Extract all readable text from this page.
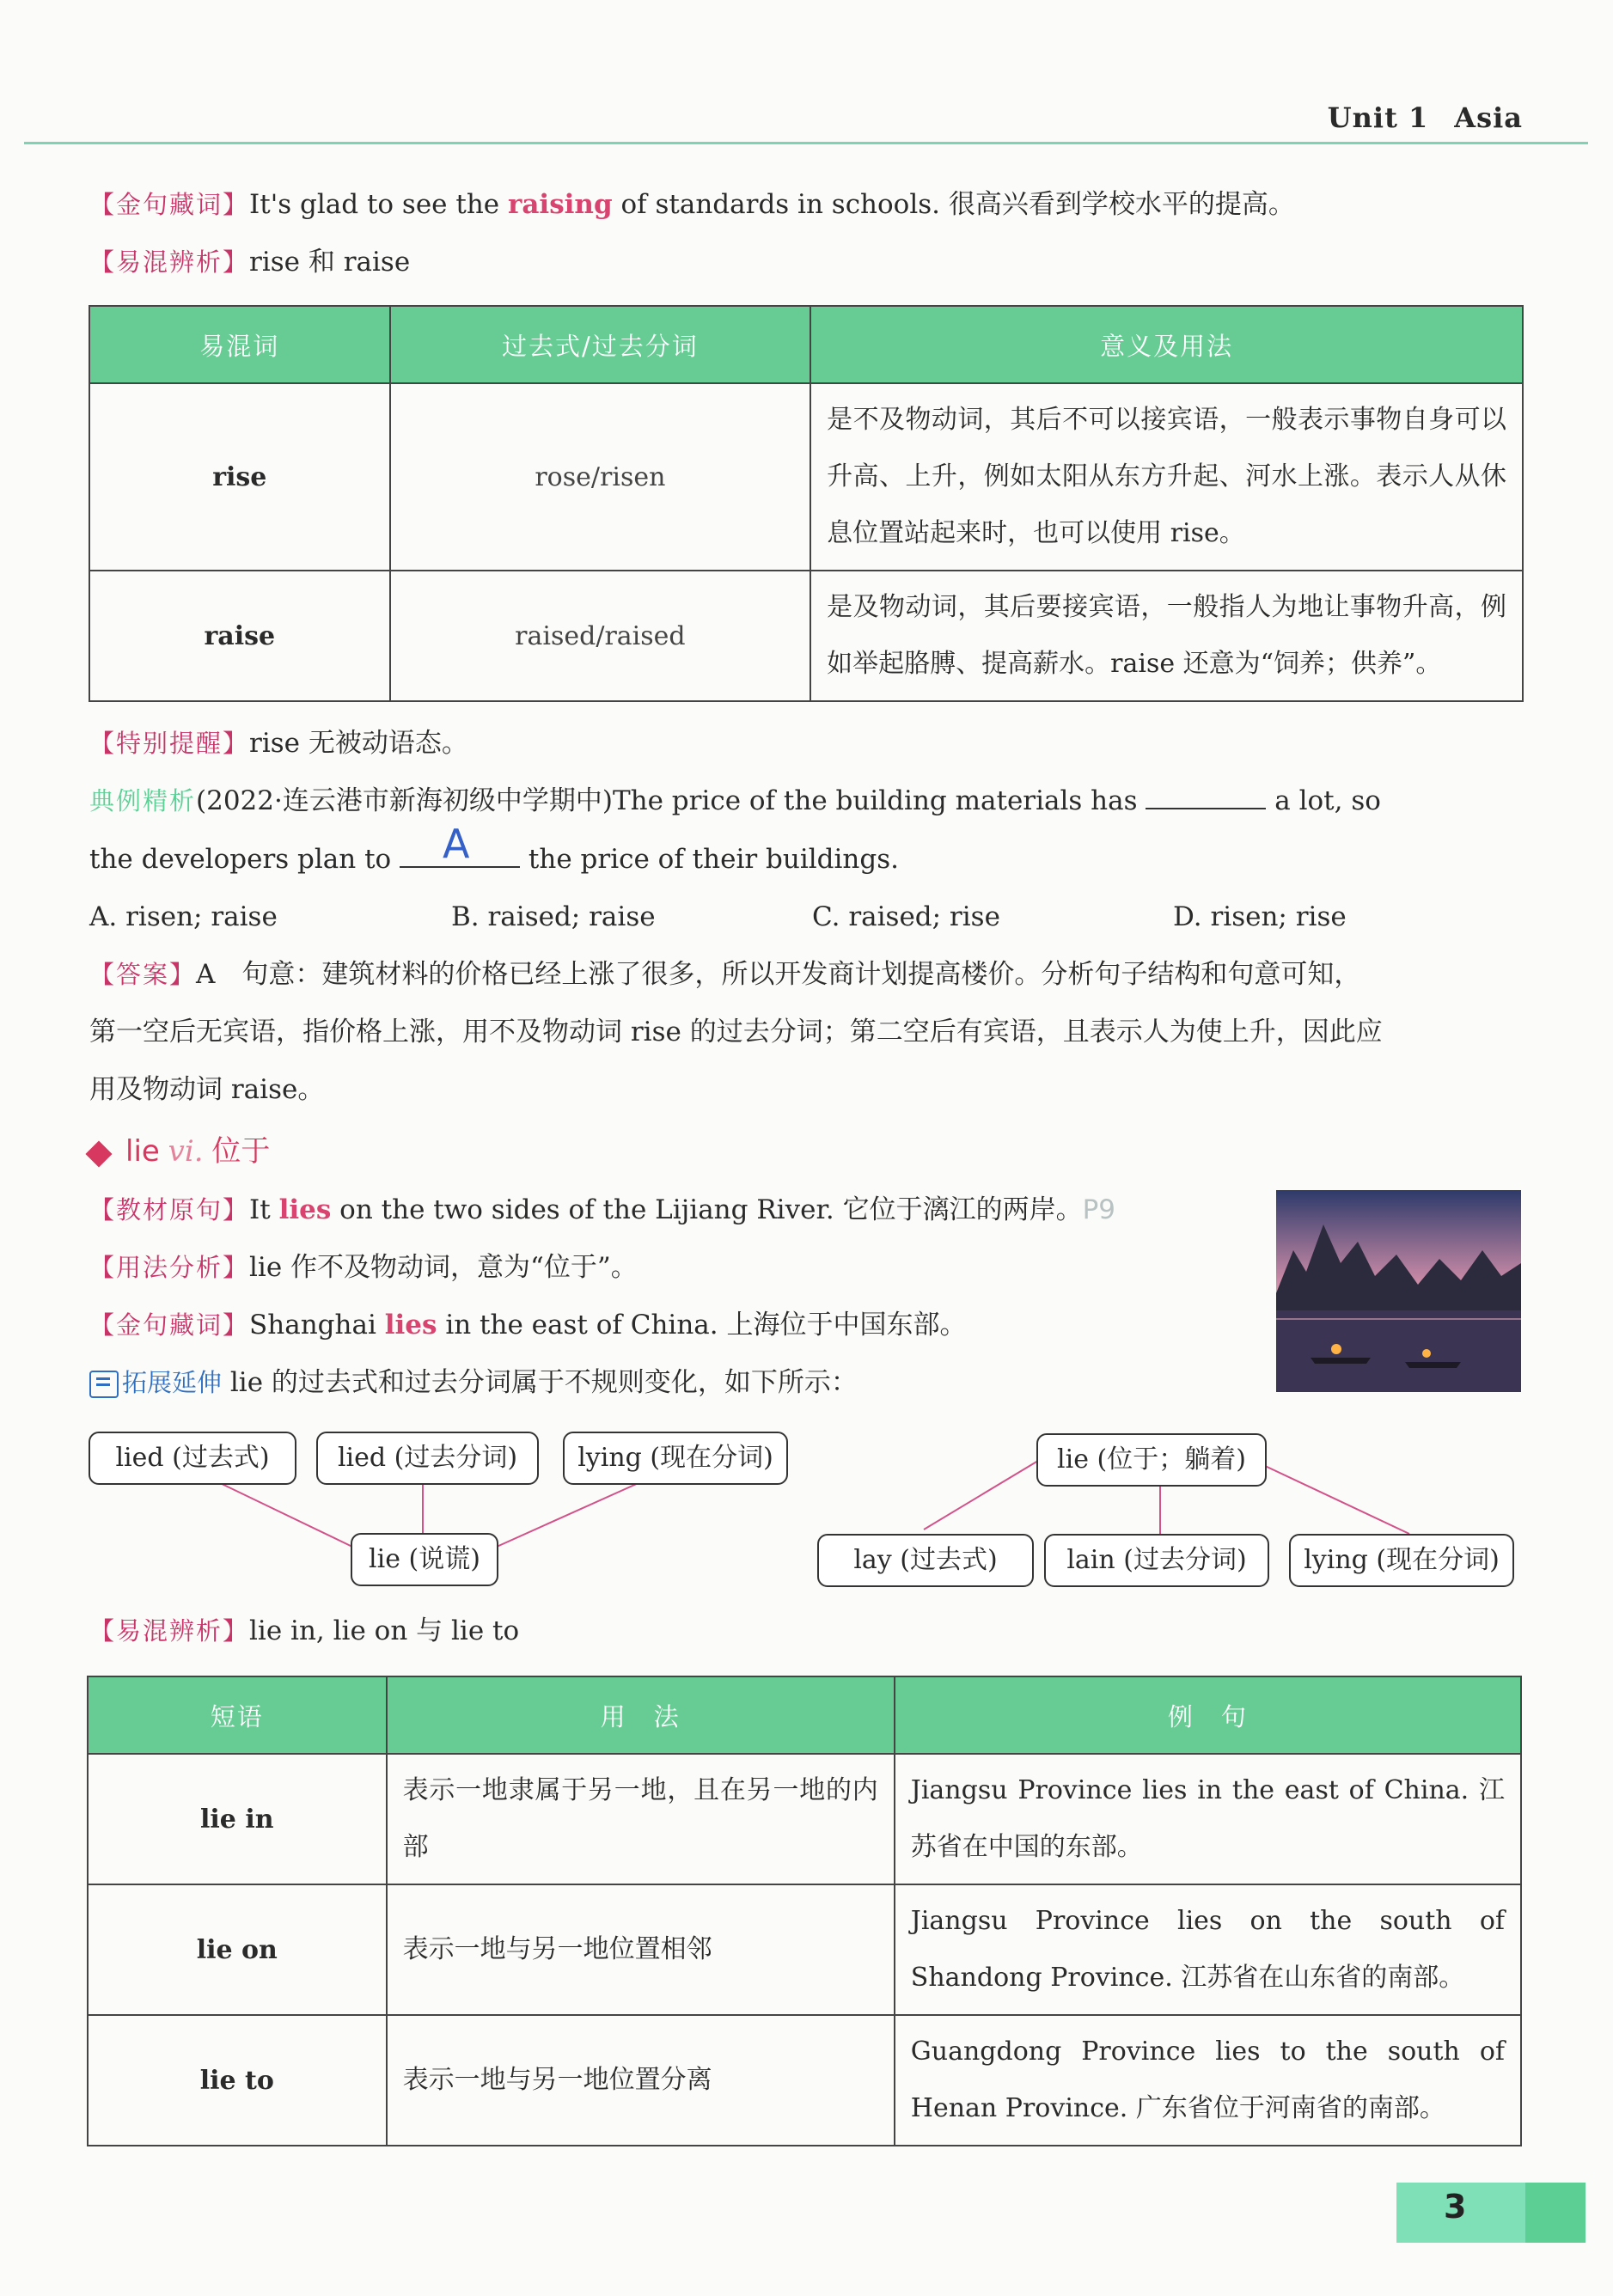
Unit 1 Asia
【金句藏词】It's glad to see the raising of standards in schools. 很高兴看到学校水平的提高。
【易混辨析】rise 和 raise
易混词	过去式/过去分词	意义及用法
rise	rose/risen	是不及物动词，其后不可以接宾语，一般表示事物自身可以升高、上升，例如太阳从东方升起、河水上涨。表示人从休息位置站起来时，也可以使用 rise。
raise	raised/raised	是及物动词，其后要接宾语，一般指人为地让事物升高，例如举起胳膊、提高薪水。raise 还意为“饲养；供养”。
【特别提醒】rise 无被动语态。
典例精析(2022·连云港市新海初级中学期中)The price of the building materials has	a lot, so
the developers plan to	the price of their buildings.
A
A. risen; raise	B. raised; raise	C. raised; rise	D. risen; rise
【答案】A　句意：建筑材料的价格已经上涨了很多，所以开发商计划提高楼价。分析句子结构和句意可知，
第一空后无宾语，指价格上涨，用不及物动词 rise 的过去分词；第二空后有宾语，且表示人为使上升，因此应
用及物动词 raise。
lie vi. 位于
【教材原句】It lies on the two sides of the Lijiang River. 它位于漓江的两岸。P9
【用法分析】lie 作不及物动词，意为“位于”。
【金句藏词】Shanghai lies in the east of China. 上海位于中国东部。
拓展延伸 lie 的过去式和过去分词属于不规则变化，如下所示：
lied (过去式)	lied (过去分词)	lying (现在分词)
lie (说谎)
lie (位于；躺着)
lay (过去式)	lain (过去分词)	lying (现在分词)
【易混辨析】lie in, lie on 与 lie to
短语	用　法	例　句
lie in	表示一地隶属于另一地，且在另一地的内部	Jiangsu Province lies in the east of China. 江苏省在中国的东部。
lie on	表示一地与另一地位置相邻	Jiangsu Province lies on the south of Shandong Province. 江苏省在山东省的南部。
lie to	表示一地与另一地位置分离	Guangdong Province lies to the south of Henan Province. 广东省位于河南省的南部。
3
